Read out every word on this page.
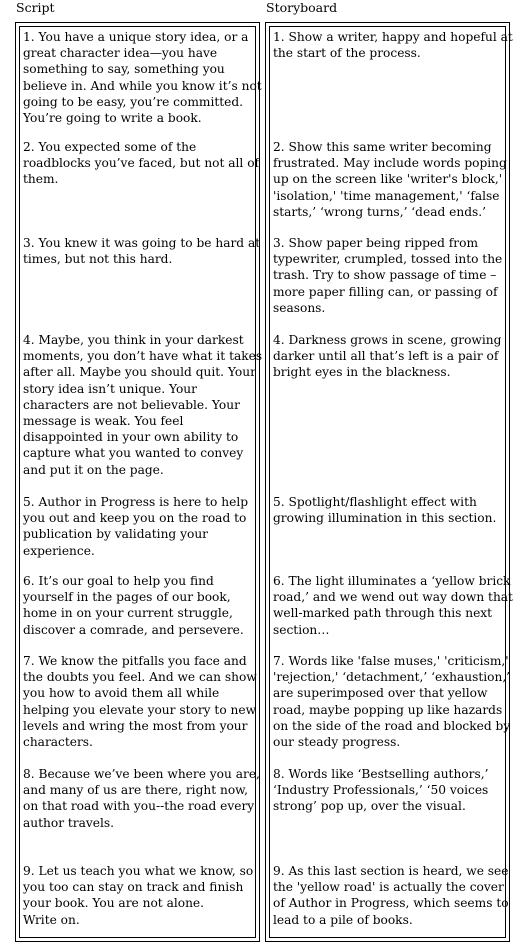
Script
1. You have a unique story idea, or a
great character idea—you have
something to say, something you
believe in. And while you know it’s not
going to be easy, you’re committed.
You’re going to write a book.
2. You expected some of the
roadblocks you’ve faced, but not all of
them.
3. You knew it was going to be hard at
times, but not this hard.
4. Maybe, you think in your darkest
moments, you don’t have what it takes
after all. Maybe you should quit. Your
story idea isn’t unique. Your
characters are not believable. Your
message is weak. You feel
disappointed in your own ability to
capture what you wanted to convey
and put it on the page.
5. Author in Progress is here to help
you out and keep you on the road to
publication by validating your
experience.
6. It’s our goal to help you find
yourself in the pages of our book,
home in on your current struggle,
discover a comrade, and persevere.
7. We know the pitfalls you face and
the doubts you feel. And we can show
you how to avoid them all while
helping you elevate your story to new
levels and wring the most from your
characters.
8. Because we’ve been where you are,
and many of us are there, right now,
on that road with you--the road every
author travels.
9. Let us teach you what we know, so
you too can stay on track and finish
your book. You are not alone.
Write on.
Storyboard
1. Show a writer, happy and hopeful at
the start of the process.
2. Show this same writer becoming
frustrated. May include words poping
up on the screen like 'writer's block,'
'isolation,' 'time management,' ‘false
starts,’ ‘wrong turns,’ ‘dead ends.’
3. Show paper being ripped from
typewriter, crumpled, tossed into the
trash. Try to show passage of time –
more paper filling can, or passing of
seasons.
4. Darkness grows in scene, growing
darker until all that’s left is a pair of
bright eyes in the blackness.
5. Spotlight/flashlight effect with
growing illumination in this section.
6. The light illuminates a ‘yellow brick
road,’ and we wend out way down that
well-marked path through this next
section…
7. Words like 'false muses,' 'criticism,'
'rejection,' ‘detachment,’ ‘exhaustion,’
are superimposed over that yellow
road, maybe popping up like hazards
on the side of the road and blocked by
our steady progress.
8. Words like ‘Bestselling authors,’
‘Industry Professionals,’ ‘50 voices
strong’ pop up, over the visual.
9. As this last section is heard, we see
the 'yellow road' is actually the cover
of Author in Progress, which seems to
lead to a pile of books.
